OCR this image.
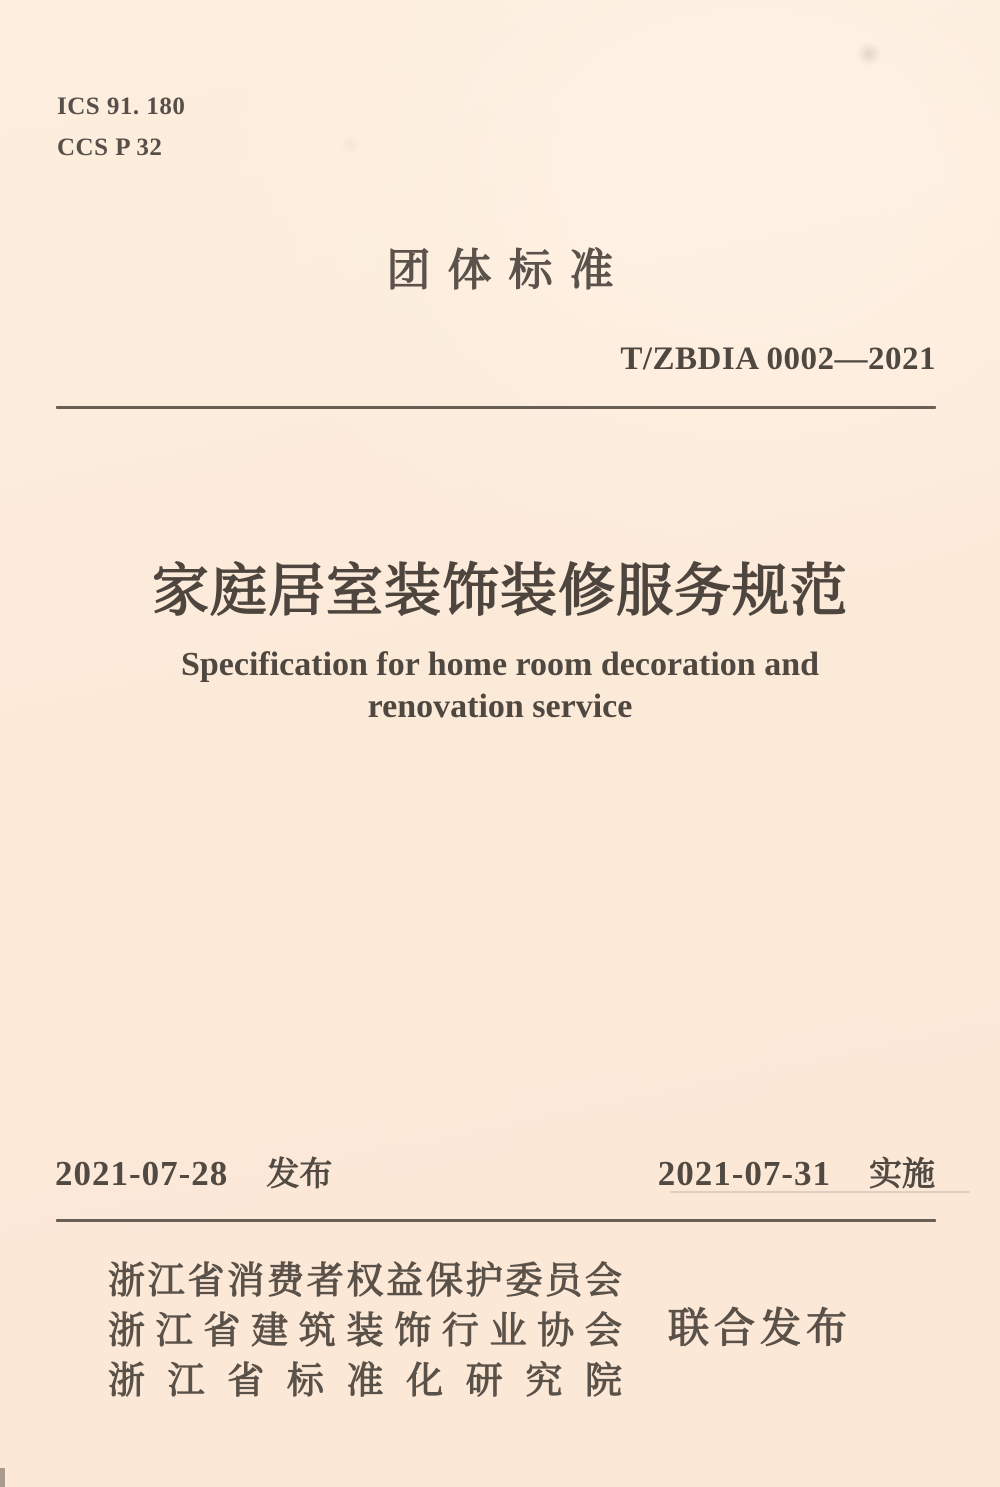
ICS 91. 180
CCS P 32
团体标准
T/ZBDIA 0002—2021
家庭居室装饰装修服务规范
Specification for home room decoration and
renovation service
2021-07-28 发布	2021-07-31 实施
浙江省消费者权益保护委员会
浙江省建筑装饰行业协会
浙江省标准化研究院
联合发布
